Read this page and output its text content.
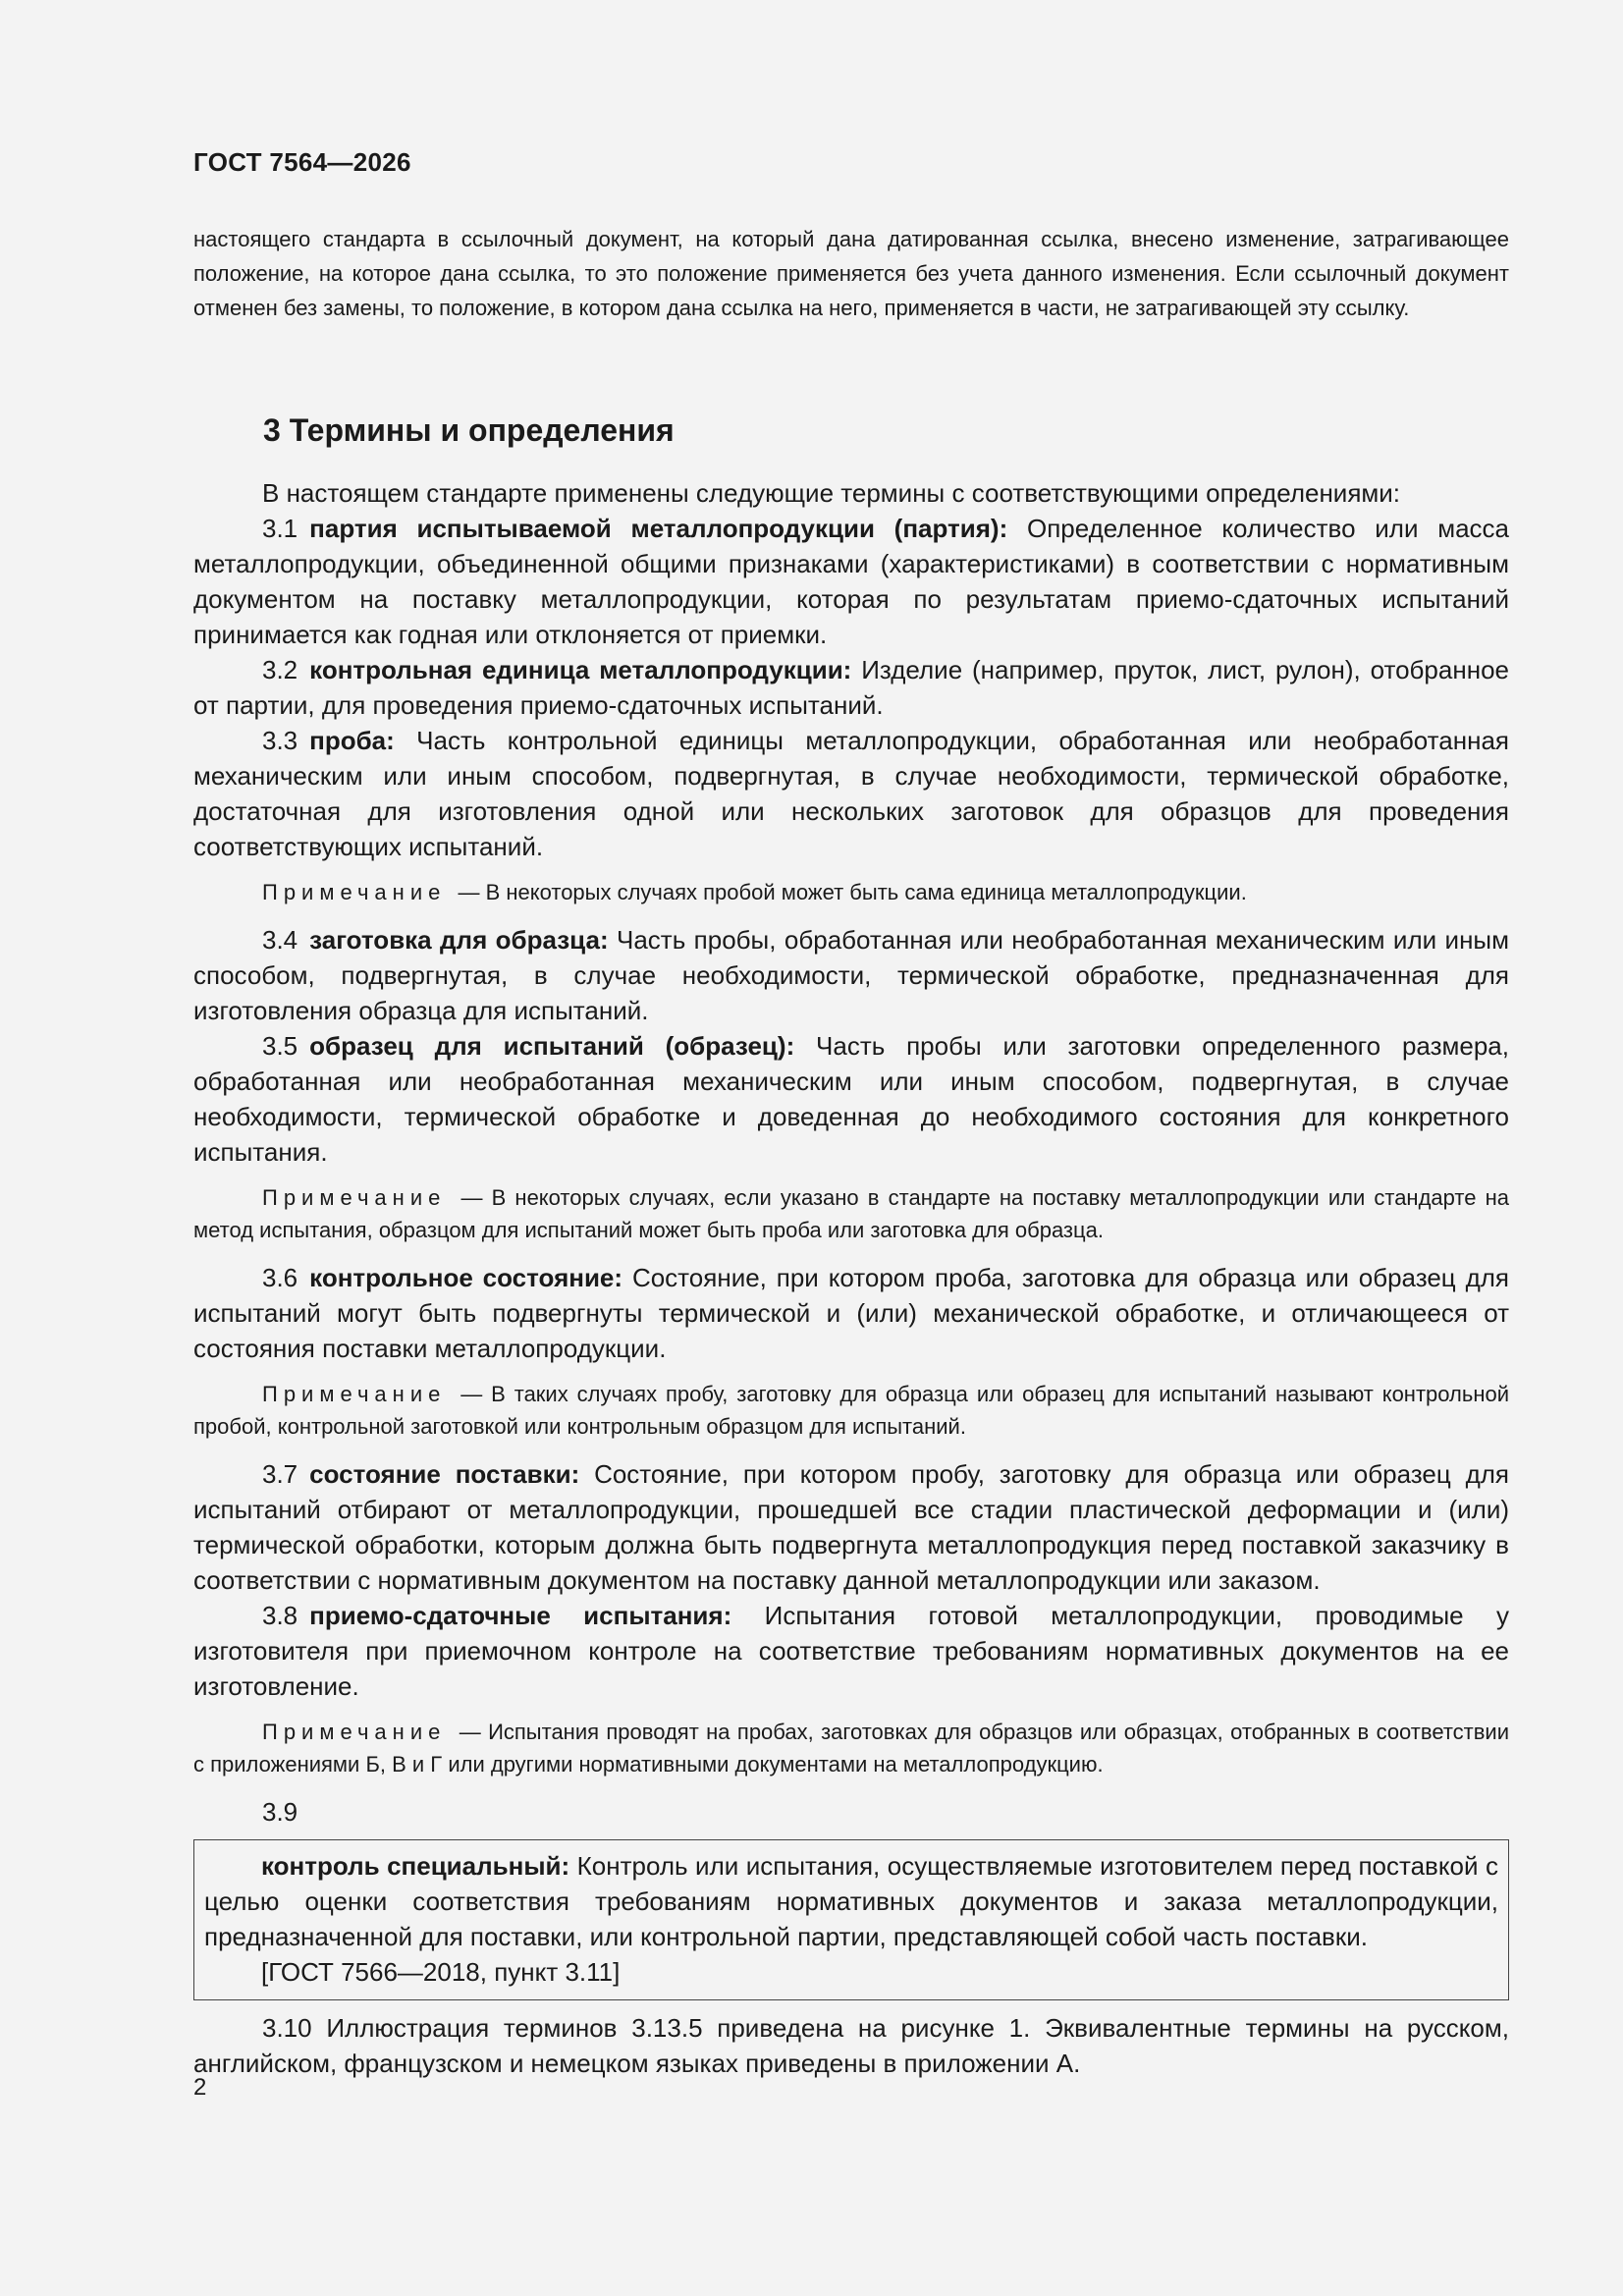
ГОСТ 7564—2026
настоящего стандарта в ссылочный документ, на который дана датированная ссылка, внесено изменение, затрагивающее положение, на которое дана ссылка, то это положение применяется без учета данного изменения. Если ссылочный документ отменен без замены, то положение, в котором дана ссылка на него, применяется в части, не затрагивающей эту ссылку.
3 Термины и определения

В настоящем стандарте применены следующие термины с соответствующими определениями:

3.1 партия испытываемой металлопродукции (партия): Определенное количество или масса металлопродукции, объединенной общими признаками (характеристиками) в соответствии с нормативным документом на поставку металлопродукции, которая по результатам приемо-сдаточных испытаний принимается как годная или отклоняется от приемки.

3.2 контрольная единица металлопродукции: Изделие (например, пруток, лист, рулон), отобранное от партии, для проведения приемо-сдаточных испытаний.

3.3 проба: Часть контрольной единицы металлопродукции, обработанная или необработанная механическим или иным способом, подвергнутая, в случае необходимости, термической обработке, достаточная для изготовления одной или нескольких заготовок для образцов для проведения соответствующих испытаний.

Примечание — В некоторых случаях пробой может быть сама единица металлопродукции.

3.4 заготовка для образца: Часть пробы, обработанная или необработанная механическим или иным способом, подвергнутая, в случае необходимости, термической обработке, предназначенная для изготовления образца для испытаний.

3.5 образец для испытаний (образец): Часть пробы или заготовки определенного размера, обработанная или необработанная механическим или иным способом, подвергнутая, в случае необходимости, термической обработке и доведенная до необходимого состояния для конкретного испытания.

Примечание — В некоторых случаях, если указано в стандарте на поставку металлопродукции или стандарте на метод испытания, образцом для испытаний может быть проба или заготовка для образца.

3.6 контрольное состояние: Состояние, при котором проба, заготовка для образца или образец для испытаний могут быть подвергнуты термической и (или) механической обработке, и отличающееся от состояния поставки металлопродукции.

Примечание — В таких случаях пробу, заготовку для образца или образец для испытаний называют контрольной пробой, контрольной заготовкой или контрольным образцом для испытаний.

3.7 состояние поставки: Состояние, при котором пробу, заготовку для образца или образец для испытаний отбирают от металлопродукции, прошедшей все стадии пластической деформации и (или) термической обработки, которым должна быть подвергнута металлопродукция перед поставкой заказчику в соответствии с нормативным документом на поставку данной металлопродукции или заказом.

3.8 приемо-сдаточные испытания: Испытания готовой металлопродукции, проводимые у изготовителя при приемочном контроле на соответствие требованиям нормативных документов на ее изготовление.

Примечание — Испытания проводят на пробах, заготовках для образцов или образцах, отобранных в соответствии с приложениями Б, В и Г или другими нормативными документами на металлопродукцию.

3.9

контроль специальный: Контроль или испытания, осуществляемые изготовителем перед поставкой с целью оценки соответствия требованиям нормативных документов и заказа металлопродукции, предназначенной для поставки, или контрольной партии, представляющей собой часть поставки.

[ГОСТ 7566—2018, пункт 3.11]

3.10 Иллюстрация терминов 3.13.5 приведена на рисунке 1. Эквивалентные термины на русском, английском, французском и немецком языках приведены в приложении А.

2
